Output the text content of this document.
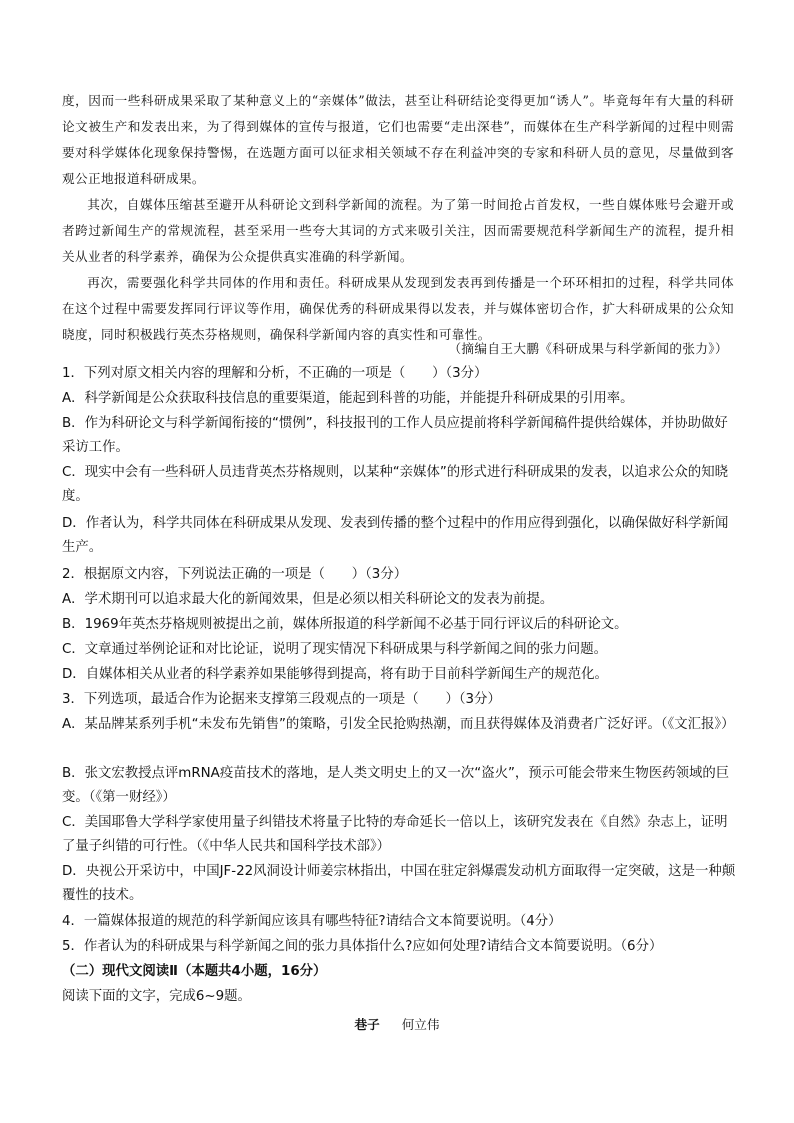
度，因而一些科研成果采取了某种意义上的“亲媒体”做法，甚至让科研结论变得更加“诱人”。毕竟每年有大量的科研论文被生产和发表出来，为了得到媒体的宣传与报道，它们也需要“走出深巷”，而媒体在生产科学新闻的过程中则需要对科学媒体化现象保持警惕，在选题方面可以征求相关领域不存在利益冲突的专家和科研人员的意见，尽量做到客观公正地报道科研成果。
其次，自媒体压缩甚至避开从科研论文到科学新闻的流程。为了第一时间抢占首发权，一些自媒体账号会避开或者跨过新闻生产的常规流程，甚至采用一些夸大其词的方式来吸引关注，因而需要规范科学新闻生产的流程，提升相关从业者的科学素养，确保为公众提供真实准确的科学新闻。
再次，需要强化科学共同体的作用和责任。科研成果从发现到发表再到传播是一个环环相扣的过程，科学共同体在这个过程中需要发挥同行评议等作用，确保优秀的科研成果得以发表，并与媒体密切合作，扩大科研成果的公众知晓度，同时积极践行英杰芬格规则，确保科学新闻内容的真实性和可靠性。
（摘编自王大鹏《科研成果与科学新闻的张力》）
1．下列对原文相关内容的理解和分析，不正确的一项是（　　）（3分）
A．科学新闻是公众获取科技信息的重要渠道，能起到科普的功能，并能提升科研成果的引用率。
B．作为科研论文与科学新闻衔接的“惯例”，科技报刊的工作人员应提前将科学新闻稿件提供给媒体，并协助做好采访工作。
C．现实中会有一些科研人员违背英杰芬格规则，以某种“亲媒体”的形式进行科研成果的发表，以追求公众的知晓度。
D．作者认为，科学共同体在科研成果从发现、发表到传播的整个过程中的作用应得到强化，以确保做好科学新闻生产。
2．根据原文内容，下列说法正确的一项是（　　）（3分）
A．学术期刊可以追求最大化的新闻效果，但是必须以相关科研论文的发表为前提。
B．1969年英杰芬格规则被提出之前，媒体所报道的科学新闻不必基于同行评议后的科研论文。
C．文章通过举例论证和对比论证，说明了现实情况下科研成果与科学新闻之间的张力问题。
D．自媒体相关从业者的科学素养如果能够得到提高，将有助于目前科学新闻生产的规范化。
3．下列选项，最适合作为论据来支撑第三段观点的一项是（　　）（3分）
A．某品牌某系列手机“未发布先销售”的策略，引发全民抢购热潮，而且获得媒体及消费者广泛好评。（《文汇报》）
B．张文宏教授点评mRNA疫苗技术的落地，是人类文明史上的又一次“盗火”，预示可能会带来生物医药领域的巨变。（《第一财经》）
C．美国耶鲁大学科学家使用量子纠错技术将量子比特的寿命延长一倍以上，该研究发表在《自然》杂志上，证明了量子纠错的可行性。（《中华人民共和国科学技术部》）
D．央视公开采访中，中国JF-22风洞设计师姜宗林指出，中国在驻定斜爆震发动机方面取得一定突破，这是一种颠覆性的技术。
4．一篇媒体报道的规范的科学新闻应该具有哪些特征?请结合文本简要说明。（4分）
5．作者认为的科研成果与科学新闻之间的张力具体指什么?应如何处理?请结合文本简要说明。（6分）
（二）现代文阅读Ⅱ（本题共4小题，16分）
阅读下面的文字，完成6~9题。
巷子 何立伟
